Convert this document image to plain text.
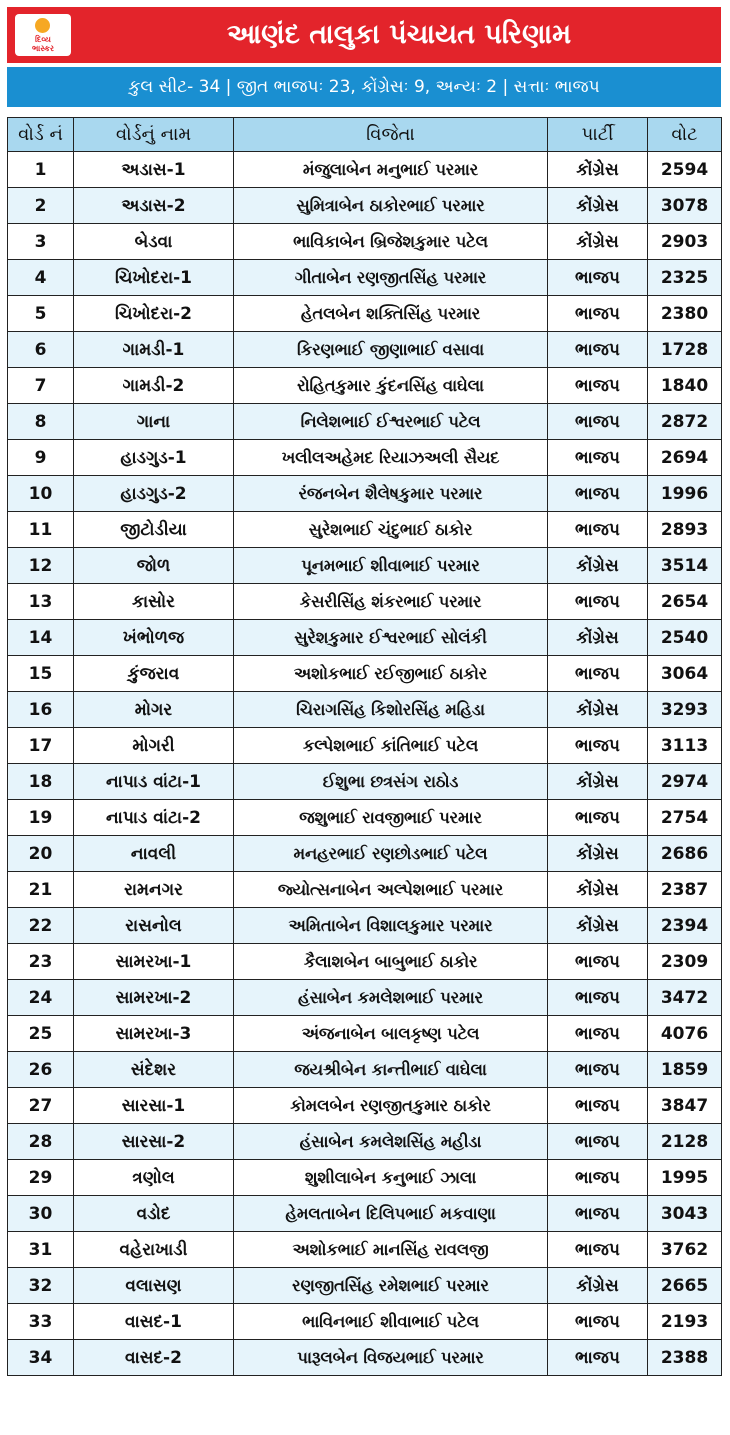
દિવ્ય
ભાસ્કર	આણંદ તાલુકા પંચાયત પરિણામ
કુલ સીટ- 34 | જીત ભાજપઃ 23, કોંગ્રેસઃ 9, અન્યઃ 2 | સત્તાઃ ભાજપ
વોર્ડ નં	વોર્ડનું નામ	વિજેતા	પાર્ટી	વોટ
1	અડાસ-1	મંજુલાબેન મનુભાઈ પરમાર	કોંગ્રેસ	2594
2	અડાસ-2	સુમિત્રાબેન ઠાકોરભાઈ પરમાર	કોંગ્રેસ	3078
3	બેડવા	ભાવિકાબેન બ્રિજેશકુમાર પટેલ	કોંગ્રેસ	2903
4	ચિખોદરા-1	ગીતાબેન રણજીતસિંહ પરમાર	ભાજપ	2325
5	ચિખોદરા-2	હેતલબેન શક્તિસિંહ પરમાર	ભાજપ	2380
6	ગામડી-1	કિરણભાઈ જીણાભાઈ વસાવા	ભાજપ	1728
7	ગામડી-2	રોહિતકુમાર કુંદનસિંહ વાઘેલા	ભાજપ	1840
8	ગાના	નિલેશભાઈ ઈશ્વરભાઈ પટેલ	ભાજપ	2872
9	હાડગુડ-1	ખલીલઅહેમદ રિયાઝઅલી સૈયદ	ભાજપ	2694
10	હાડગુડ-2	રંજનબેન શૈલેષકુમાર પરમાર	ભાજપ	1996
11	જીટોડીયા	સુરેશભાઈ ચંદુભાઈ ઠાકોર	ભાજપ	2893
12	જોળ	પૂનમભાઈ શીવાભાઈ પરમાર	કોંગ્રેસ	3514
13	કાસોર	કેસરીસિંહ શંકરભાઈ પરમાર	ભાજપ	2654
14	ખંભોળજ	સુરેશકુમાર ઈશ્વરભાઈ સોલંકી	કોંગ્રેસ	2540
15	કુંજરાવ	અશોકભાઈ રઈજીભાઈ ઠાકોર	ભાજપ	3064
16	મોગર	ચિરાગસિંહ કિશોરસિંહ મહિડા	કોંગ્રેસ	3293
17	મોગરી	કલ્પેશભાઈ કાંતિભાઈ પટેલ	ભાજપ	3113
18	નાપાડ વાંટા-1	ઈશુભા છત્રસંગ રાઠોડ	કોંગ્રેસ	2974
19	નાપાડ વાંટા-2	જશુભાઈ રાવજીભાઈ પરમાર	ભાજપ	2754
20	નાવલી	મનહરભાઈ રણછોડભાઈ પટેલ	કોંગ્રેસ	2686
21	રામનગર	જ્યોત્સનાબેન અલ્પેશભાઈ પરમાર	કોંગ્રેસ	2387
22	રાસનોલ	અમિતાબેન વિશાલકુમાર પરમાર	કોંગ્રેસ	2394
23	સામરખા-1	કૈલાશબેન બાબુભાઈ ઠાકોર	ભાજપ	2309
24	સામરખા-2	હંસાબેન કમલેશભાઈ પરમાર	ભાજપ	3472
25	સામરખા-3	અંજનાબેન બાલકૃષ્ણ પટેલ	ભાજપ	4076
26	સંદેશર	જયશ્રીબેન કાન્તીભાઈ વાઘેલા	ભાજપ	1859
27	સારસા-1	કોમલબેન રણજીતકુમાર ઠાકોર	ભાજપ	3847
28	સારસા-2	હંસાબેન કમલેશસિંહ મહીડા	ભાજપ	2128
29	ત્રણોલ	શુશીલાબેન કનુભાઈ ઝાલા	ભાજપ	1995
30	વડોદ	હેમલતાબેન દિલિપભાઈ મકવાણા	ભાજપ	3043
31	વહેરાખાડી	અશોકભાઈ માનસિંહ રાવલજી	ભાજપ	3762
32	વલાસણ	રણજીતસિંહ રમેશભાઈ પરમાર	કોંગ્રેસ	2665
33	વાસદ-1	ભાવિનભાઈ શીવાભાઈ પટેલ	ભાજપ	2193
34	વાસદ-2	પારૂલબેન વિજયભાઈ પરમાર	ભાજપ	2388
